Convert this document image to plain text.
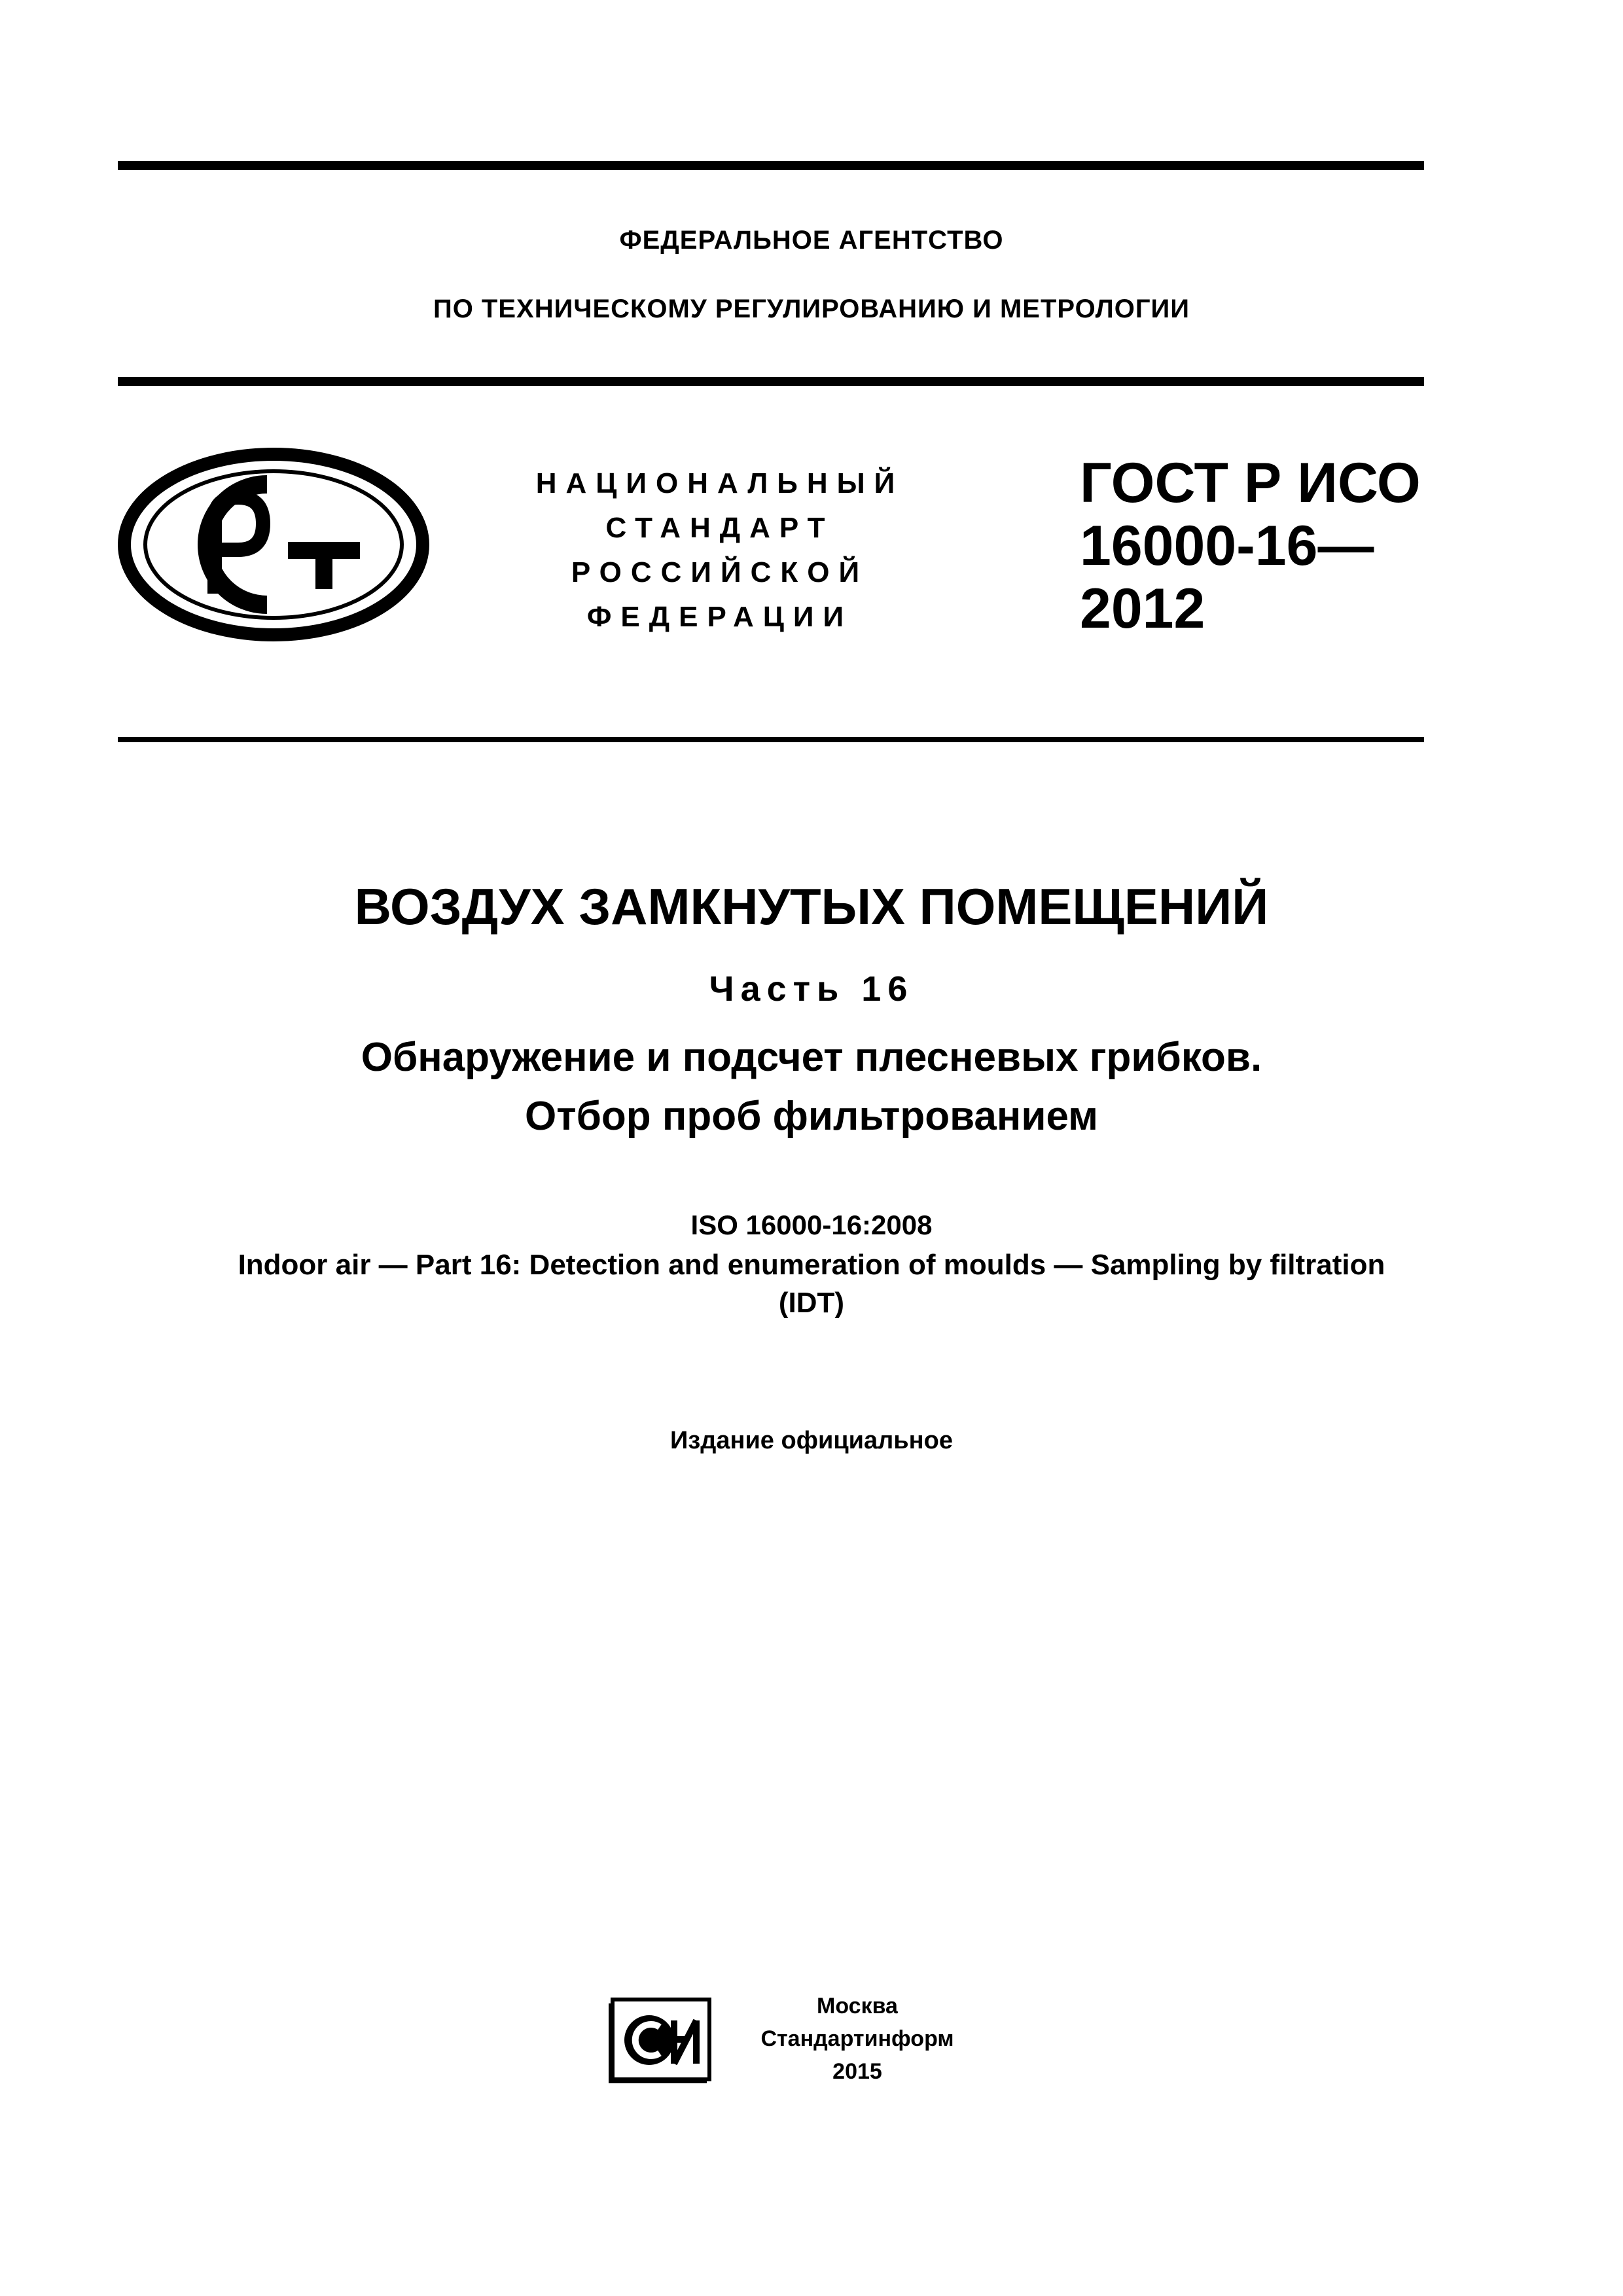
ФЕДЕРАЛЬНОЕ АГЕНТСТВО
ПО ТЕХНИЧЕСКОМУ РЕГУЛИРОВАНИЮ И МЕТРОЛОГИИ
НАЦИОНАЛЬНЫЙ
СТАНДАРТ
РОССИЙСКОЙ
ФЕДЕРАЦИИ
ГОСТ Р ИСО
16000-16—
2012
ВОЗДУХ ЗАМКНУТЫХ ПОМЕЩЕНИЙ
Часть 16
Обнаружение и подсчет плесневых грибков.
Отбор проб фильтрованием
ISO 16000-16:2008
Indoor air — Part 16: Detection and enumeration of moulds — Sampling by filtration
(IDT)
Издание официальное
Москва
Стандартинформ
2015
